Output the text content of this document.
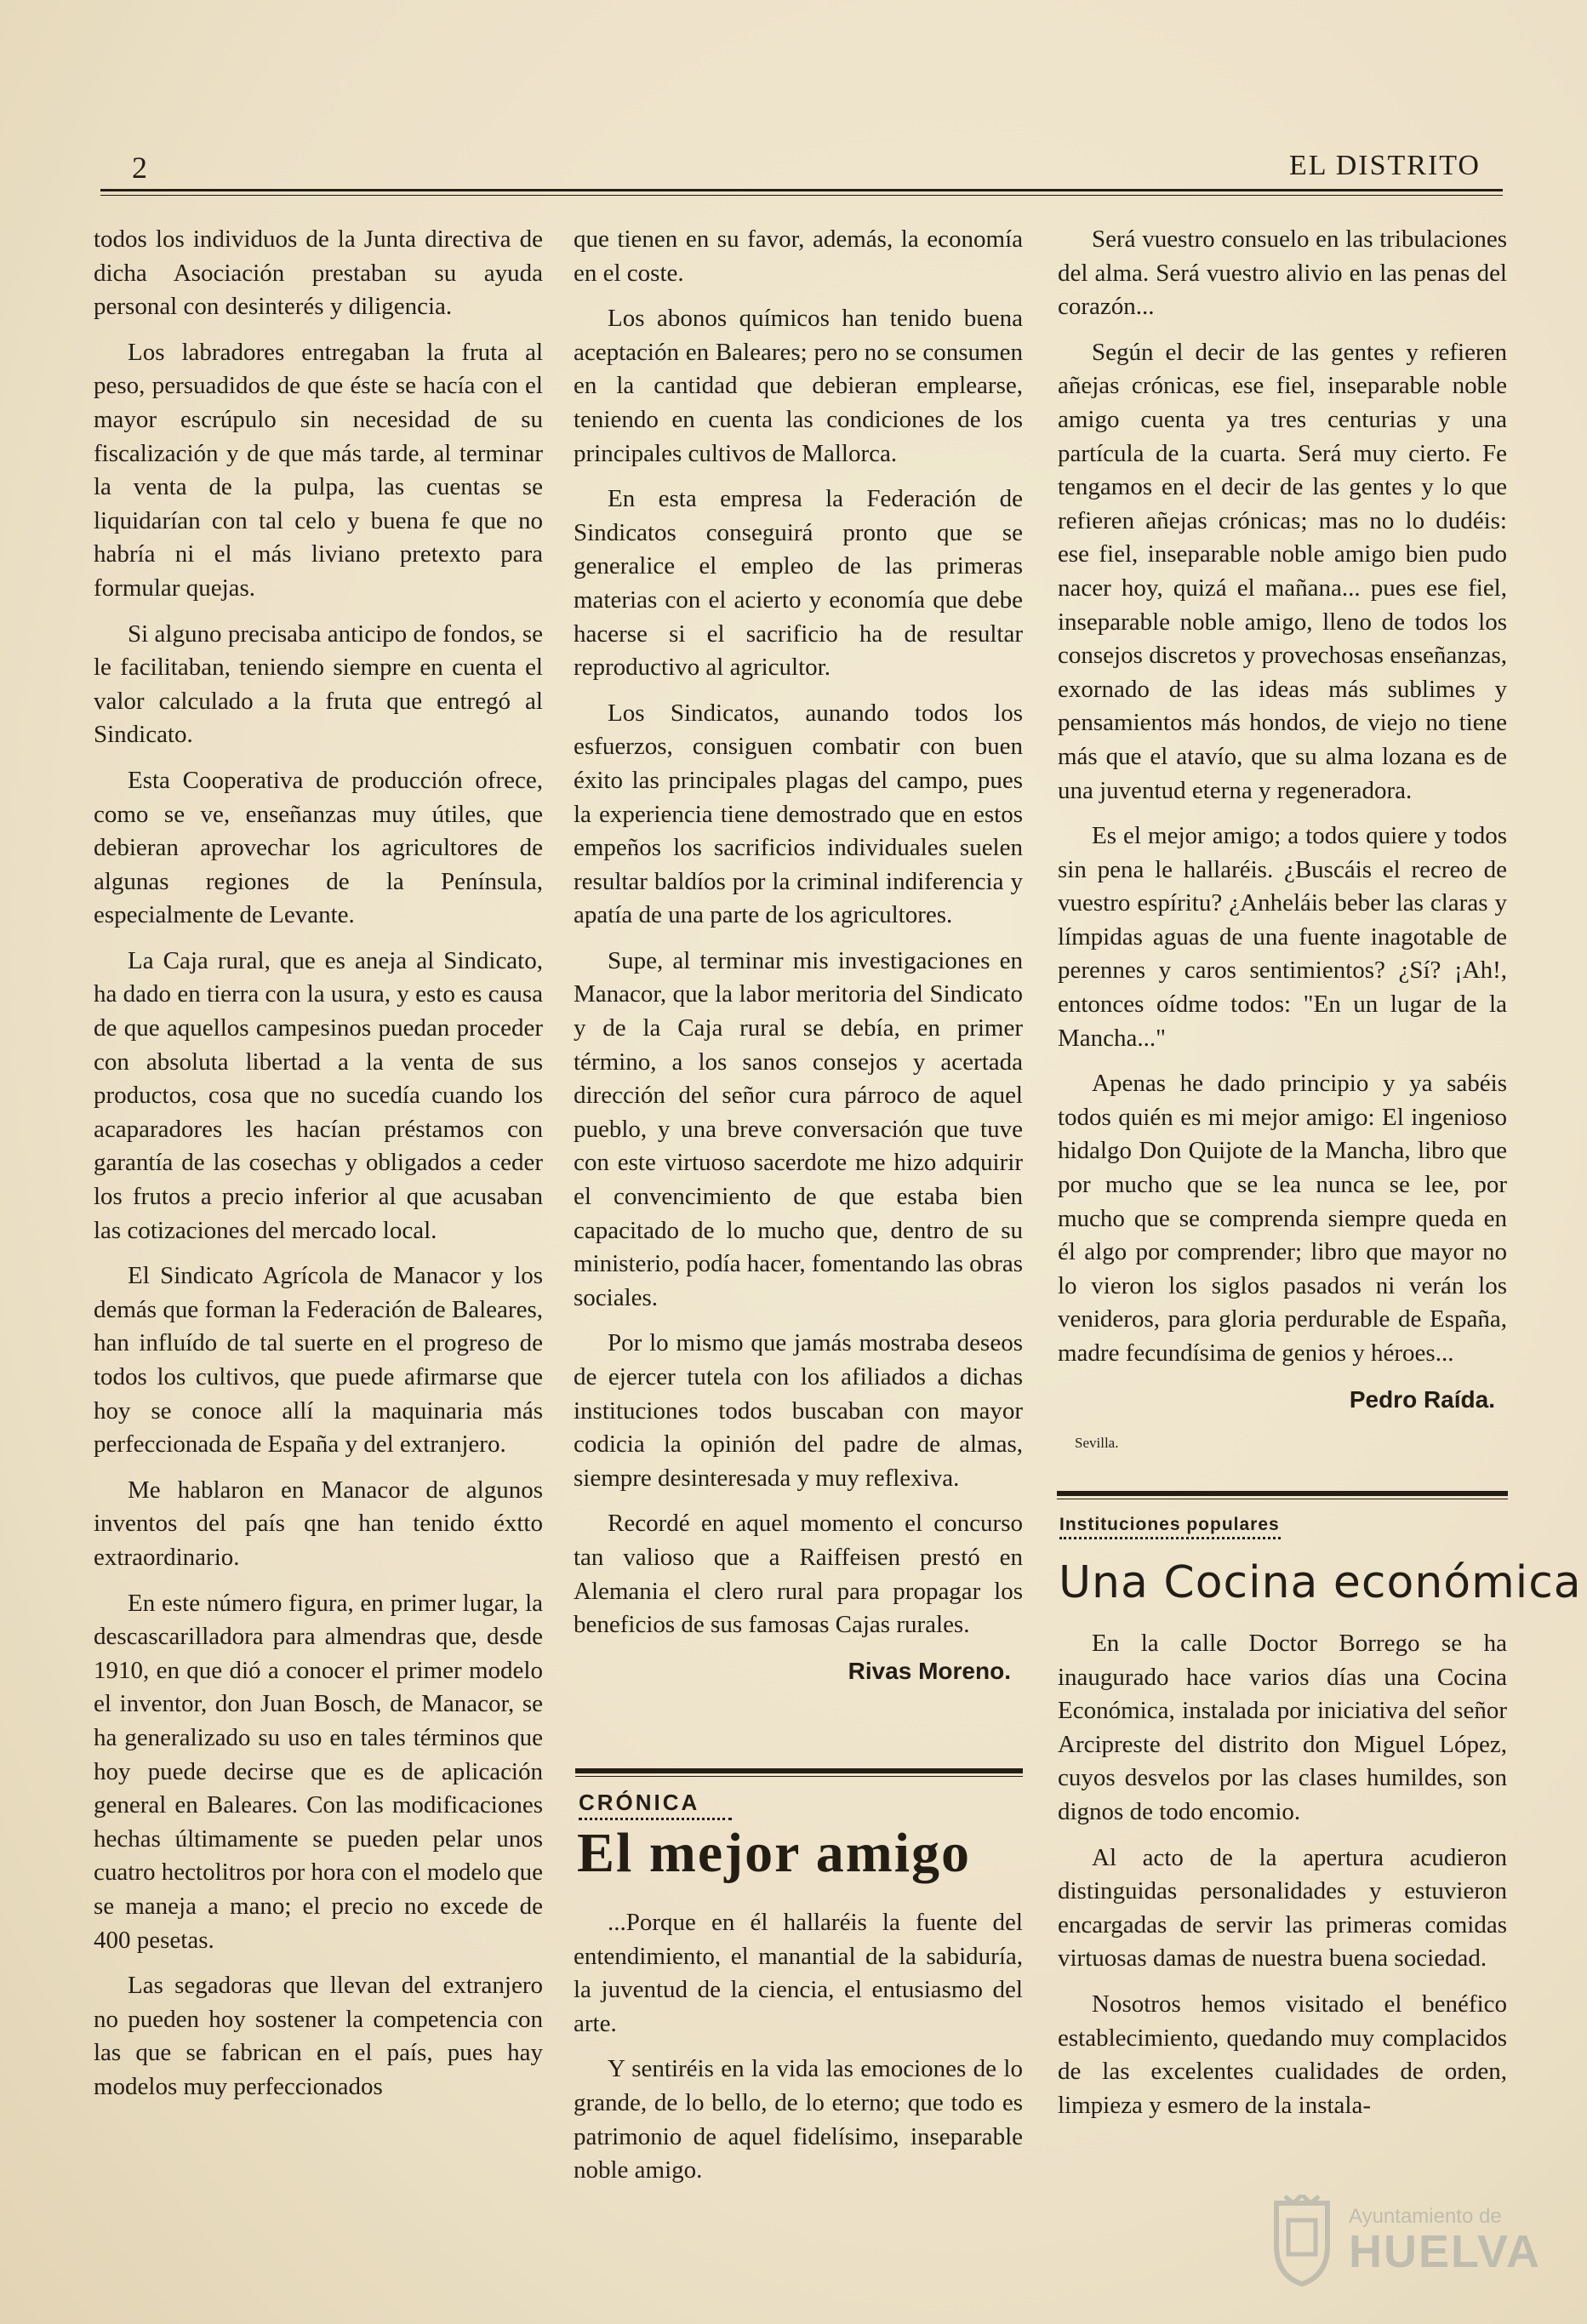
2	EL DISTRITO

todos los individuos de la Junta directiva de dicha Asociación prestaban su ayuda personal con desinterés y diligencia.

Los labradores entregaban la fruta al peso, persuadidos de que éste se hacía con el mayor escrúpulo sin necesidad de su fiscalización y de que más tarde, al terminar la venta de la pulpa, las cuentas se liquidarían con tal celo y buena fe que no habría ni el más liviano pretexto para formular quejas.

Si alguno precisaba anticipo de fondos, se le facilitaban, teniendo siempre en cuenta el valor calculado a la fruta que entregó al Sindicato.

Esta Cooperativa de producción ofrece, como se ve, enseñanzas muy útiles, que debieran aprovechar los agricultores de algunas regiones de la Península, especialmente de Levante.

La Caja rural, que es aneja al Sindicato, ha dado en tierra con la usura, y esto es causa de que aquellos campesinos puedan proceder con absoluta libertad a la venta de sus productos, cosa que no sucedía cuando los acaparadores les hacían préstamos con garantía de las cosechas y obligados a ceder los frutos a precio inferior al que acusaban las cotizaciones del mercado local.

El Sindicato Agrícola de Manacor y los demás que forman la Federación de Baleares, han influído de tal suerte en el progreso de todos los cultivos, que puede afirmarse que hoy se conoce allí la maquinaria más perfeccionada de España y del extranjero.

Me hablaron en Manacor de algunos inventos del país qne han tenido éxtto extraordinario.

En este número figura, en primer lugar, la descascarilladora para almendras que, desde 1910, en que dió a conocer el primer modelo el inventor, don Juan Bosch, de Manacor, se ha generalizado su uso en tales términos que hoy puede decirse que es de aplicación general en Baleares. Con las modificaciones hechas últimamente se pueden pelar unos cuatro hectolitros por hora con el modelo que se maneja a mano; el precio no excede de 400 pesetas.

Las segadoras que llevan del extranjero no pueden hoy sostener la competencia con las que se fabrican en el país, pues hay modelos muy perfeccionados

que tienen en su favor, además, la economía en el coste.

Los abonos químicos han tenido buena aceptación en Baleares; pero no se consumen en la cantidad que debieran emplearse, teniendo en cuenta las condiciones de los principales cultivos de Mallorca.

En esta empresa la Federación de Sindicatos conseguirá pronto que se generalice el empleo de las primeras materias con el acierto y economía que debe hacerse si el sacrificio ha de resultar reproductivo al agricultor.

Los Sindicatos, aunando todos los esfuerzos, consiguen combatir con buen éxito las principales plagas del campo, pues la experiencia tiene demostrado que en estos empeños los sacrificios individuales suelen resultar baldíos por la criminal indiferencia y apatía de una parte de los agricultores.

Supe, al terminar mis investigaciones en Manacor, que la labor meritoria del Sindicato y de la Caja rural se debía, en primer término, a los sanos consejos y acertada dirección del señor cura párroco de aquel pueblo, y una breve conversación que tuve con este virtuoso sacerdote me hizo adquirir el convencimiento de que estaba bien capacitado de lo mucho que, dentro de su ministerio, podía hacer, fomentando las obras sociales.

Por lo mismo que jamás mostraba deseos de ejercer tutela con los afiliados a dichas instituciones todos buscaban con mayor codicia la opinión del padre de almas, siempre desinteresada y muy reflexiva.

Recordé en aquel momento el concurso tan valioso que a Raiffeisen prestó en Alemania el clero rural para propagar los beneficios de sus famosas Cajas rurales.

Rivas Moreno.
CRÓNICA
El mejor amigo

...Porque en él hallaréis la fuente del entendimiento, el manantial de la sabiduría, la juventud de la ciencia, el entusiasmo del arte.

Y sentiréis en la vida las emociones de lo grande, de lo bello, de lo eterno; que todo es patrimonio de aquel fidelísimo, inseparable noble amigo.

Será vuestro consuelo en las tribulaciones del alma. Será vuestro alivio en las penas del corazón...

Según el decir de las gentes y refieren añejas crónicas, ese fiel, inseparable noble amigo cuenta ya tres centurias y una partícula de la cuarta. Será muy cierto. Fe tengamos en el decir de las gentes y lo que refieren añejas crónicas; mas no lo dudéis: ese fiel, inseparable noble amigo bien pudo nacer hoy, quizá el mañana... pues ese fiel, inseparable noble amigo, lleno de todos los consejos discretos y provechosas enseñanzas, exornado de las ideas más sublimes y pensamientos más hondos, de viejo no tiene más que el atavío, que su alma lozana es de una juventud eterna y regeneradora.

Es el mejor amigo; a todos quiere y todos sin pena le hallaréis. ¿Buscáis el recreo de vuestro espíritu? ¿Anheláis beber las claras y límpidas aguas de una fuente inagotable de perennes y caros sentimientos? ¿Sí? ¡Ah!, entonces oídme todos: "En un lugar de la Mancha..."

Apenas he dado principio y ya sabéis todos quién es mi mejor amigo: El ingenioso hidalgo Don Quijote de la Mancha, libro que por mucho que se lea nunca se lee, por mucho que se comprenda siempre queda en él algo por comprender; libro que mayor no lo vieron los siglos pasados ni verán los venideros, para gloria perdurable de España, madre fecundísima de genios y héroes...

Pedro Raída.
Sevilla.
Instituciones populares
Una Cocina económica

En la calle Doctor Borrego se ha inaugurado hace varios días una Cocina Económica, instalada por iniciativa del señor Arcipreste del distrito don Miguel López, cuyos desvelos por las clases humildes, son dignos de todo encomio.

Al acto de la apertura acudieron distinguidas personalidades y estuvieron encargadas de servir las primeras comidas virtuosas damas de nuestra buena sociedad.

Nosotros hemos visitado el benéfico establecimiento, quedando muy complacidos de las excelentes cualidades de orden, limpieza y esmero de la instala-

Ayuntamiento de
HUELVA
